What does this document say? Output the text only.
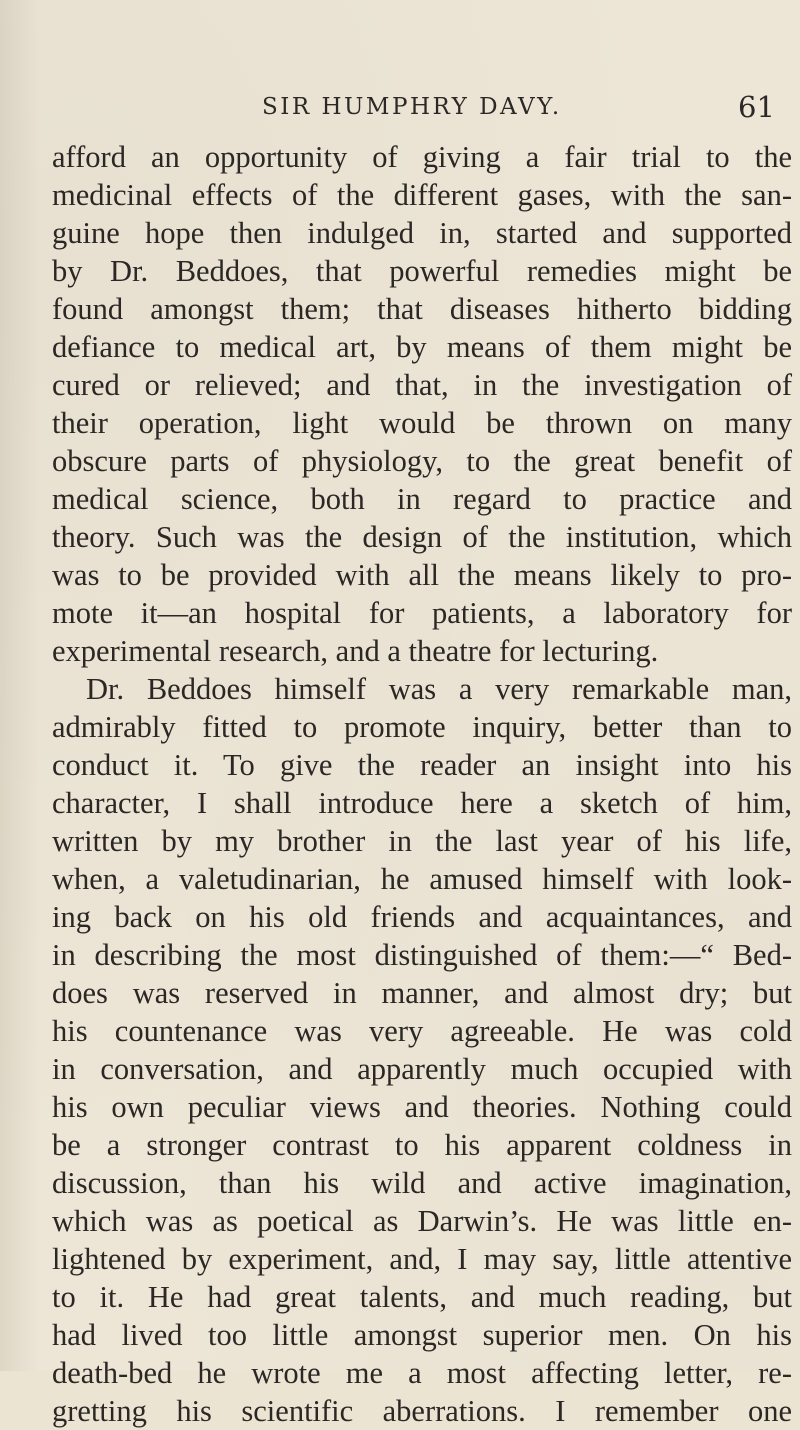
SIR HUMPHRY DAVY.	61
afford an opportunity of giving a fair trial to the
medicinal effects of the different gases, with the san-
guine hope then indulged in, started and supported
by Dr. Beddoes, that powerful remedies might be
found amongst them; that diseases hitherto bidding
defiance to medical art, by means of them might be
cured or relieved; and that, in the investigation of
their operation, light would be thrown on many
obscure parts of physiology, to the great benefit of
medical science, both in regard to practice and
theory. Such was the design of the institution, which
was to be provided with all the means likely to pro-
mote it—an hospital for patients, a laboratory for
experimental research, and a theatre for lecturing.
Dr. Beddoes himself was a very remarkable man,
admirably fitted to promote inquiry, better than to
conduct it. To give the reader an insight into his
character, I shall introduce here a sketch of him,
written by my brother in the last year of his life,
when, a valetudinarian, he amused himself with look-
ing back on his old friends and acquaintances, and
in describing the most distinguished of them:—“ Bed-
does was reserved in manner, and almost dry; but
his countenance was very agreeable. He was cold
in conversation, and apparently much occupied with
his own peculiar views and theories. Nothing could
be a stronger contrast to his apparent coldness in
discussion, than his wild and active imagination,
which was as poetical as Darwin’s. He was little en-
lightened by experiment, and, I may say, little attentive
to it. He had great talents, and much reading, but
had lived too little amongst superior men. On his
death-bed he wrote me a most affecting letter, re-
gretting his scientific aberrations. I remember one
